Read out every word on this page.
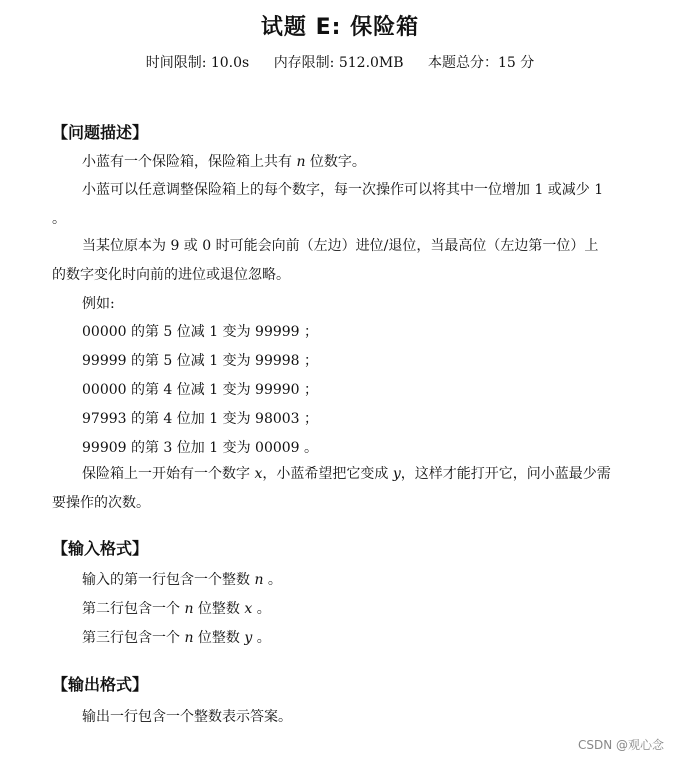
试题 E: 保险箱
时间限制: 10.0s 内存限制: 512.0MB 本题总分：15 分
【问题描述】
小蓝有一个保险箱，保险箱上共有 n 位数字。
小蓝可以任意调整保险箱上的每个数字，每一次操作可以将其中一位增加 1 或减少 1 。
当某位原本为 9 或 0 时可能会向前（左边）进位/退位，当最高位（左边第一位）上的数字变化时向前的进位或退位忽略。
例如:
00000 的第 5 位减 1 变为 99999 ；
99999 的第 5 位减 1 变为 99998 ；
00000 的第 4 位减 1 变为 99990 ；
97993 的第 4 位加 1 变为 98003 ；
99909 的第 3 位加 1 变为 00009 。
保险箱上一开始有一个数字 x，小蓝希望把它变成 y，这样才能打开它，问小蓝最少需要操作的次数。
【输入格式】
输入的第一行包含一个整数 n 。
第二行包含一个 n 位整数 x 。
第三行包含一个 n 位整数 y 。
【输出格式】
输出一行包含一个整数表示答案。
CSDN @观心念
